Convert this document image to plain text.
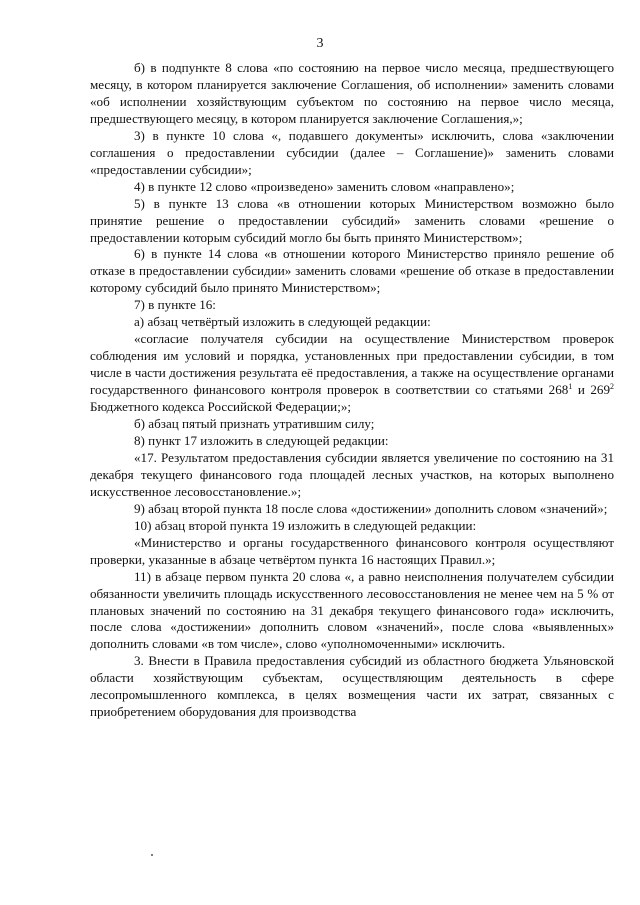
3

б) в подпункте 8 слова «по состоянию на первое число месяца, предшествующего месяцу, в котором планируется заключение Соглашения, об исполнении» заменить словами «об исполнении хозяйствующим субъектом по состоянию на первое число месяца, предшествующего месяцу, в котором планируется заключение Соглашения,»;

3) в пункте 10 слова «, подавшего документы» исключить, слова «заключении соглашения о предоставлении субсидии (далее – Соглашение)» заменить словами «предоставлении субсидии»;

4) в пункте 12 слово «произведено» заменить словом «направлено»;

5) в пункте 13 слова «в отношении которых Министерством возможно было принятие решение о предоставлении субсидий» заменить словами «решение о предоставлении которым субсидий могло бы быть принято Министерством»;

6) в пункте 14 слова «в отношении которого Министерство приняло решение об отказе в предоставлении субсидии» заменить словами «решение об отказе в предоставлении которому субсидий было принято Министерством»;

7) в пункте 16:

а) абзац четвёртый изложить в следующей редакции:

«согласие получателя субсидии на осуществление Министерством проверок соблюдения им условий и порядка, установленных при предоставлении субсидии, в том числе в части достижения результата её предоставления, а также на осуществление органами государственного финансового контроля проверок в соответствии со статьями $268^1$ и $269^2$ Бюджетного кодекса Российской Федерации;»;

б) абзац пятый признать утратившим силу;

8) пункт 17 изложить в следующей редакции:

«17. Результатом предоставления субсидии является увеличение по состоянию на 31 декабря текущего финансового года площадей лесных участков, на которых выполнено искусственное лесовосстановление.»;

9) абзац второй пункта 18 после слова «достижении» дополнить словом «значений»;

10) абзац второй пункта 19 изложить в следующей редакции:

«Министерство и органы государственного финансового контроля осуществляют проверки, указанные в абзаце четвёртом пункта 16 настоящих Правил.»;

11) в абзаце первом пункта 20 слова «, а равно неисполнения получателем субсидии обязанности увеличить площадь искусственного лесовосстановления не менее чем на 5 % от плановых значений по состоянию на 31 декабря текущего финансового года» исключить, после слова «достижении» дополнить словом «значений», после слова «выявленных» дополнить словами «в том числе», слово «уполномоченными» исключить.

3. Внести в Правила предоставления субсидий из областного бюджета Ульяновской области хозяйствующим субъектам, осуществляющим деятельность в сфере лесопромышленного комплекса, в целях возмещения части их затрат, связанных с приобретением оборудования для производства
